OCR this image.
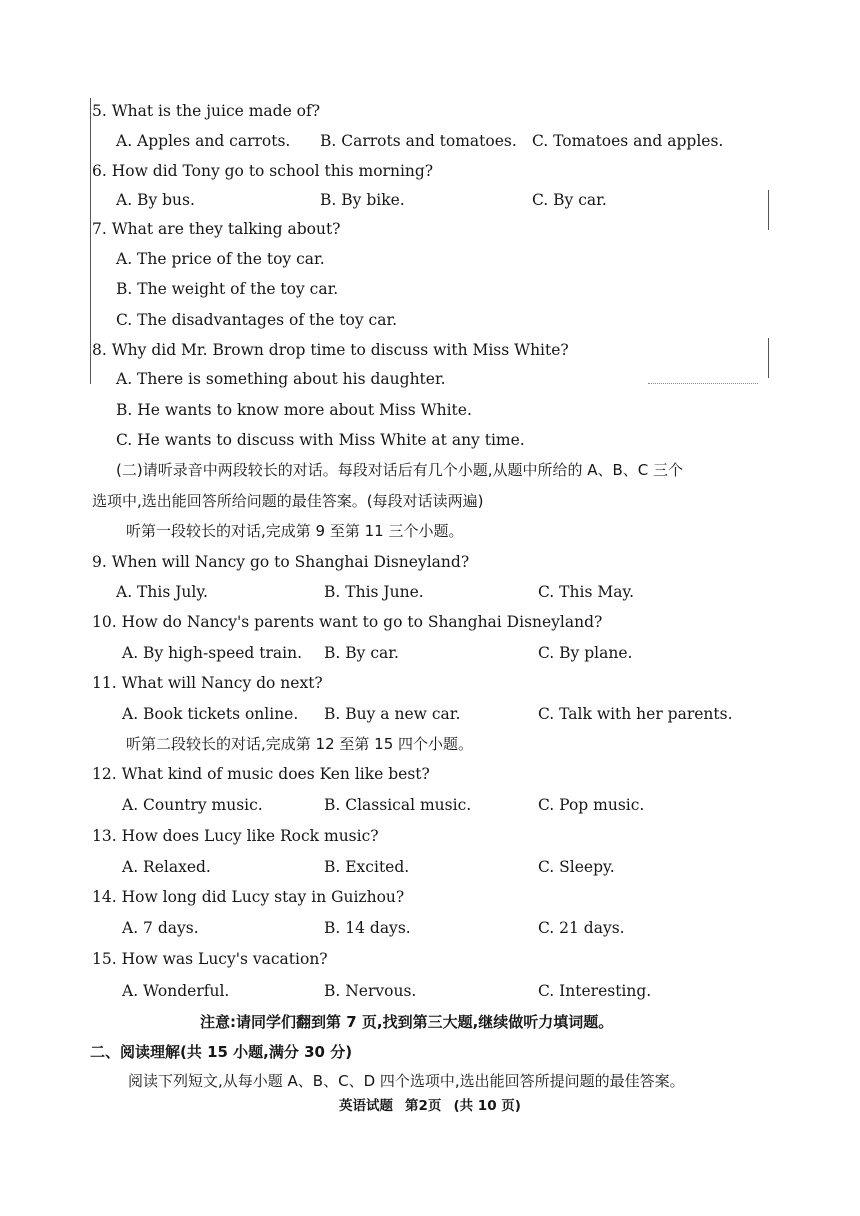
5. What is the juice made of?
A. Apples and carrots. B. Carrots and tomatoes. C. Tomatoes and apples.
6. How did Tony go to school this morning?
A. By bus.	B. By bike.	C. By car.
7. What are they talking about?
A. The price of the toy car.
B. The weight of the toy car.
C. The disadvantages of the toy car.
8. Why did Mr. Brown drop time to discuss with Miss White?
A. There is something about his daughter.
B. He wants to know more about Miss White.
C. He wants to discuss with Miss White at any time.
(二)请听录音中两段较长的对话。每段对话后有几个小题,从题中所给的 A、B、C 三个
选项中,选出能回答所给问题的最佳答案。(每段对话读两遍)
听第一段较长的对话,完成第 9 至第 11 三个小题。
9. When will Nancy go to Shanghai Disneyland?
A. This July.	B. This June.	C. This May.
10. How do Nancy's parents want to go to Shanghai Disneyland?
A. By high-speed train. B. By car.	C. By plane.
11. What will Nancy do next?
A. Book tickets online. B. Buy a new car.	C. Talk with her parents.
听第二段较长的对话,完成第 12 至第 15 四个小题。
12. What kind of music does Ken like best?
A. Country music.	B. Classical music.	C. Pop music.
13. How does Lucy like Rock music?
A. Relaxed.	B. Excited.	C. Sleepy.
14. How long did Lucy stay in Guizhou?
A. 7 days.	B. 14 days.	C. 21 days.
15. How was Lucy's vacation?
A. Wonderful.	B. Nervous.	C. Interesting.
注意:请同学们翻到第 7 页,找到第三大题,继续做听力填词题。
二、阅读理解(共 15 小题,满分 30 分)
阅读下列短文,从每小题 A、B、C、D 四个选项中,选出能回答所提问题的最佳答案。
英语试题 第2页 (共 10 页)
